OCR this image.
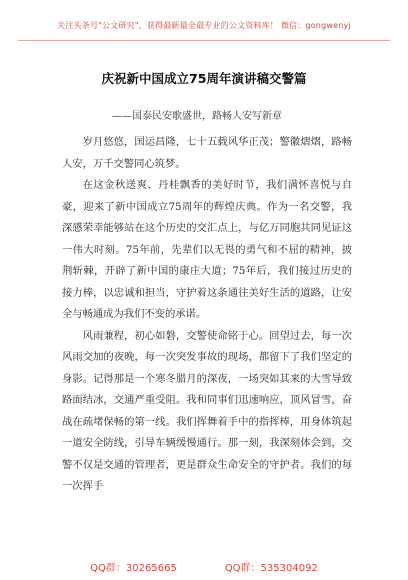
关注头条号"公文研究"，获得最新最全最专业的公文资料库！ 微信：gongwenyj
庆祝新中国成立75周年演讲稿交警篇
——国泰民安歌盛世，路畅人安写新章

岁月悠悠，国运昌隆，七十五载风华正茂；警徽熠熠，路畅人安，万千交警同心筑梦。

在这金秋送爽、丹桂飘香的美好时节，我们满怀喜悦与自豪，迎来了新中国成立75周年的辉煌庆典。作为一名交警，我深感荣幸能够站在这个历史的交汇点上，与亿万同胞共同见证这一伟大时刻。75年前，先辈们以无畏的勇气和不屈的精神，披荆斩棘，开辟了新中国的康庄大道；75年后，我们接过历史的接力棒，以忠诚和担当，守护着这条通往美好生活的道路，让安全与畅通成为我们不变的承诺。

风雨兼程，初心如磐，交警使命铭于心。回望过去，每一次风雨交加的夜晚，每一次突发事故的现场，都留下了我们坚定的身影。记得那是一个寒冬腊月的深夜，一场突如其来的大雪导致路面结冰，交通严重受阻。我和同事们迅速响应，顶风冒雪，奋战在疏堵保畅的第一线。我们挥舞着手中的指挥棒，用身体筑起一道安全防线，引导车辆缓慢通行。那一刻，我深刻体会到，交警不仅是交通的管理者，更是群众生命安全的守护者。我们的每一次挥手

QQ群：30265665	QQ群：535304092
